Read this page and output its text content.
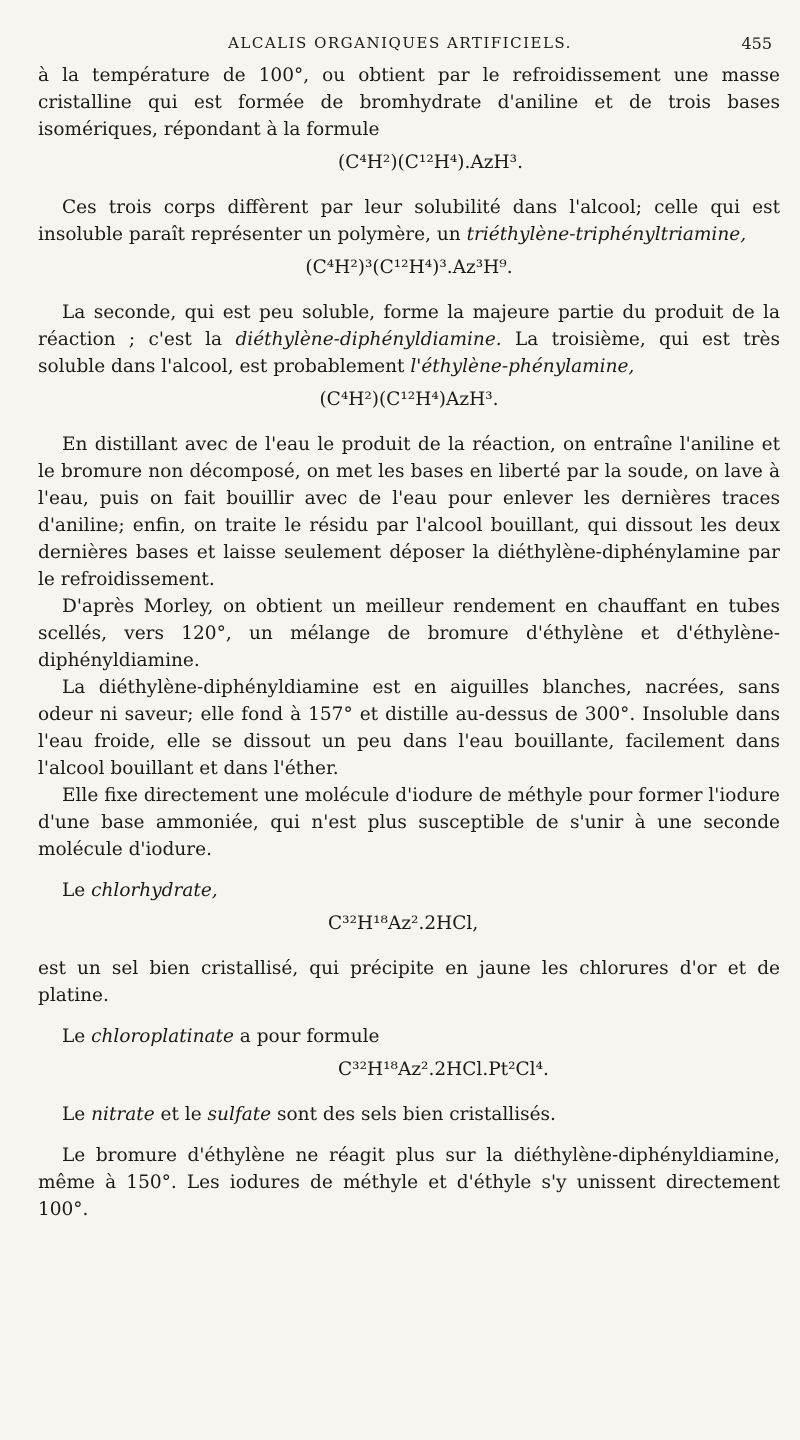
ALCALIS ORGANIQUES ARTIFICIELS.	455

à la température de 100°, ou obtient par le refroidissement une masse cristalline qui est formée de bromhydrate d'aniline et de trois bases isomériques, répondant à la formule

(C⁴H²)(C¹²H⁴).AzH³.

Ces trois corps diffèrent par leur solubilité dans l'alcool; celle qui est insoluble paraît représenter un polymère, un triéthylène-triphényltriamine,

(C⁴H²)³(C¹²H⁴)³.Az³H⁹.

La seconde, qui est peu soluble, forme la majeure partie du produit de la réaction ; c'est la diéthylène-diphényldiamine. La troisième, qui est très soluble dans l'alcool, est probablement l'éthylène-phénylamine,

(C⁴H²)(C¹²H⁴)AzH³.

En distillant avec de l'eau le produit de la réaction, on entraîne l'aniline et le bromure non décomposé, on met les bases en liberté par la soude, on lave à l'eau, puis on fait bouillir avec de l'eau pour enlever les dernières traces d'aniline; enfin, on traite le résidu par l'alcool bouillant, qui dissout les deux dernières bases et laisse seulement déposer la diéthylène-diphénylamine par le refroidissement.

D'après Morley, on obtient un meilleur rendement en chauffant en tubes scellés, vers 120°, un mélange de bromure d'éthylène et d'éthylène-diphényldiamine.

La diéthylène-diphényldiamine est en aiguilles blanches, nacrées, sans odeur ni saveur; elle fond à 157° et distille au-dessus de 300°. Insoluble dans l'eau froide, elle se dissout un peu dans l'eau bouillante, facilement dans l'alcool bouillant et dans l'éther.

Elle fixe directement une molécule d'iodure de méthyle pour former l'iodure d'une base ammoniée, qui n'est plus susceptible de s'unir à une seconde molécule d'iodure.

Le chlorhydrate,

C³²H¹⁸Az².2HCl,

est un sel bien cristallisé, qui précipite en jaune les chlorures d'or et de platine.

Le chloroplatinate a pour formule

C³²H¹⁸Az².2HCl.Pt²Cl⁴.

Le nitrate et le sulfate sont des sels bien cristallisés.

Le bromure d'éthylène ne réagit plus sur la diéthylène-diphényldiamine, même à 150°. Les iodures de méthyle et d'éthyle s'y unissent directement 100°.
